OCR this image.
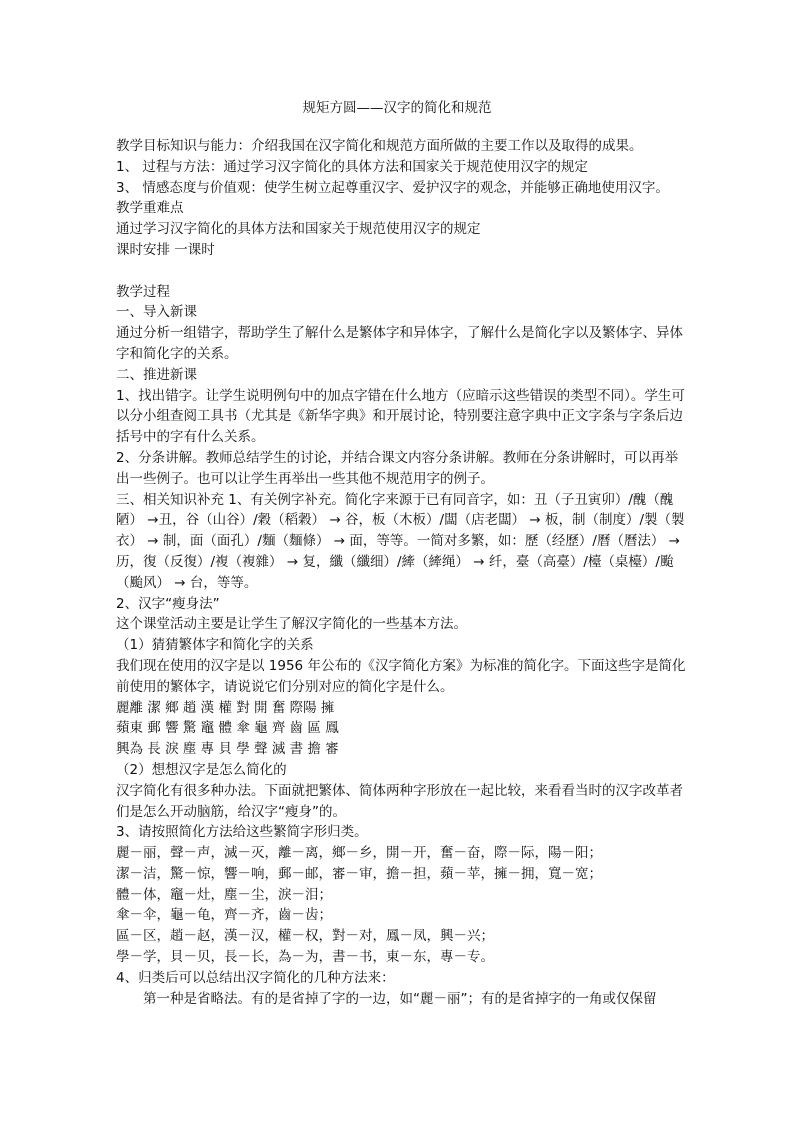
规矩方圆——汉字的简化和规范

教学目标知识与能力：介绍我国在汉字简化和规范方面所做的主要工作以及取得的成果。

1、 过程与方法：通过学习汉字简化的具体方法和国家关于规范使用汉字的规定

3、 情感态度与价值观：使学生树立起尊重汉字、爱护汉字的观念，并能够正确地使用汉字。

教学重难点

通过学习汉字简化的具体方法和国家关于规范使用汉字的规定

课时安排 一课时

教学过程

一、导入新课

通过分析一组错字，帮助学生了解什么是繁体字和异体字，了解什么是简化字以及繁体字、异体字和简化字的关系。

二、推进新课

1、找出错字。让学生说明例句中的加点字错在什么地方（应暗示这些错误的类型不同）。学生可以分小组查阅工具书（尤其是《新华字典》和开展讨论，特别要注意字典中正文字条与字条后边括号中的字有什么关系。

2、分条讲解。教师总结学生的讨论，并结合课文内容分条讲解。教师在分条讲解时，可以再举出一些例子。也可以让学生再举出一些其他不规范用字的例子。

三、相关知识补充 1、有关例字补充。简化字来源于已有同音字，如：丑（子丑寅卯）/醜（醜陋） →丑，谷（山谷）/穀（稻穀） → 谷，板（木板）/闆（店老闆） → 板，制（制度）/製（製衣） → 制，面（面孔）/麵（麵條） → 面，等等。一简对多繁，如：歷（经歷）/曆（曆法） → 历，復（反復）/複（複雜） → 复，纖（纖细）/縴（縴绳） → 纤，臺（高臺）/檯（桌檯）/颱（颱风） → 台，等等。

2、汉字“瘦身法”

这个课堂活动主要是让学生了解汉字简化的一些基本方法。

（1）猜猜繁体字和简化字的关系

我们现在使用的汉字是以 1956 年公布的《汉字简化方案》为标准的简化字。下面这些字是简化前使用的繁体字，请说说它们分别对应的简化字是什么。

麗離 潔 鄉 趙 漢 權 對 開 奮 際陽 擁

蘋東 郵 響 驚 竈 體 傘 龜 齊 齒 區 鳳

興為 長 淚 塵 專 貝 學 聲 滅 書 擔 審

（2）想想汉字是怎么简化的

汉字简化有很多种办法。下面就把繁体、简体两种字形放在一起比较，来看看当时的汉字改革者们是怎么开动脑筋，给汉字“瘦身”的。

3、请按照简化方法给这些繁简字形归类。

麗－丽，聲－声，滅－灭，離－离，鄉－乡，開－开，奮－奋，際－际，陽－阳；

潔－洁，驚－惊，響－响，郵－邮，審－审，擔－担，蘋－苹，擁－拥，寬－宽；

體－体，竈－灶，塵－尘，淚－泪；

傘－伞，龜－龟，齊－齐，齒－齿；

區－区，趙－赵，漢－汉，權－权，對－对，鳳－凤，興－兴；

學－学，貝－贝，長－长，為－为，書－书，東－东，專－专。

4、归类后可以总结出汉字简化的几种方法来：

第一种是省略法。有的是省掉了字的一边，如“麗－丽”；有的是省掉字的一角或仅保留
